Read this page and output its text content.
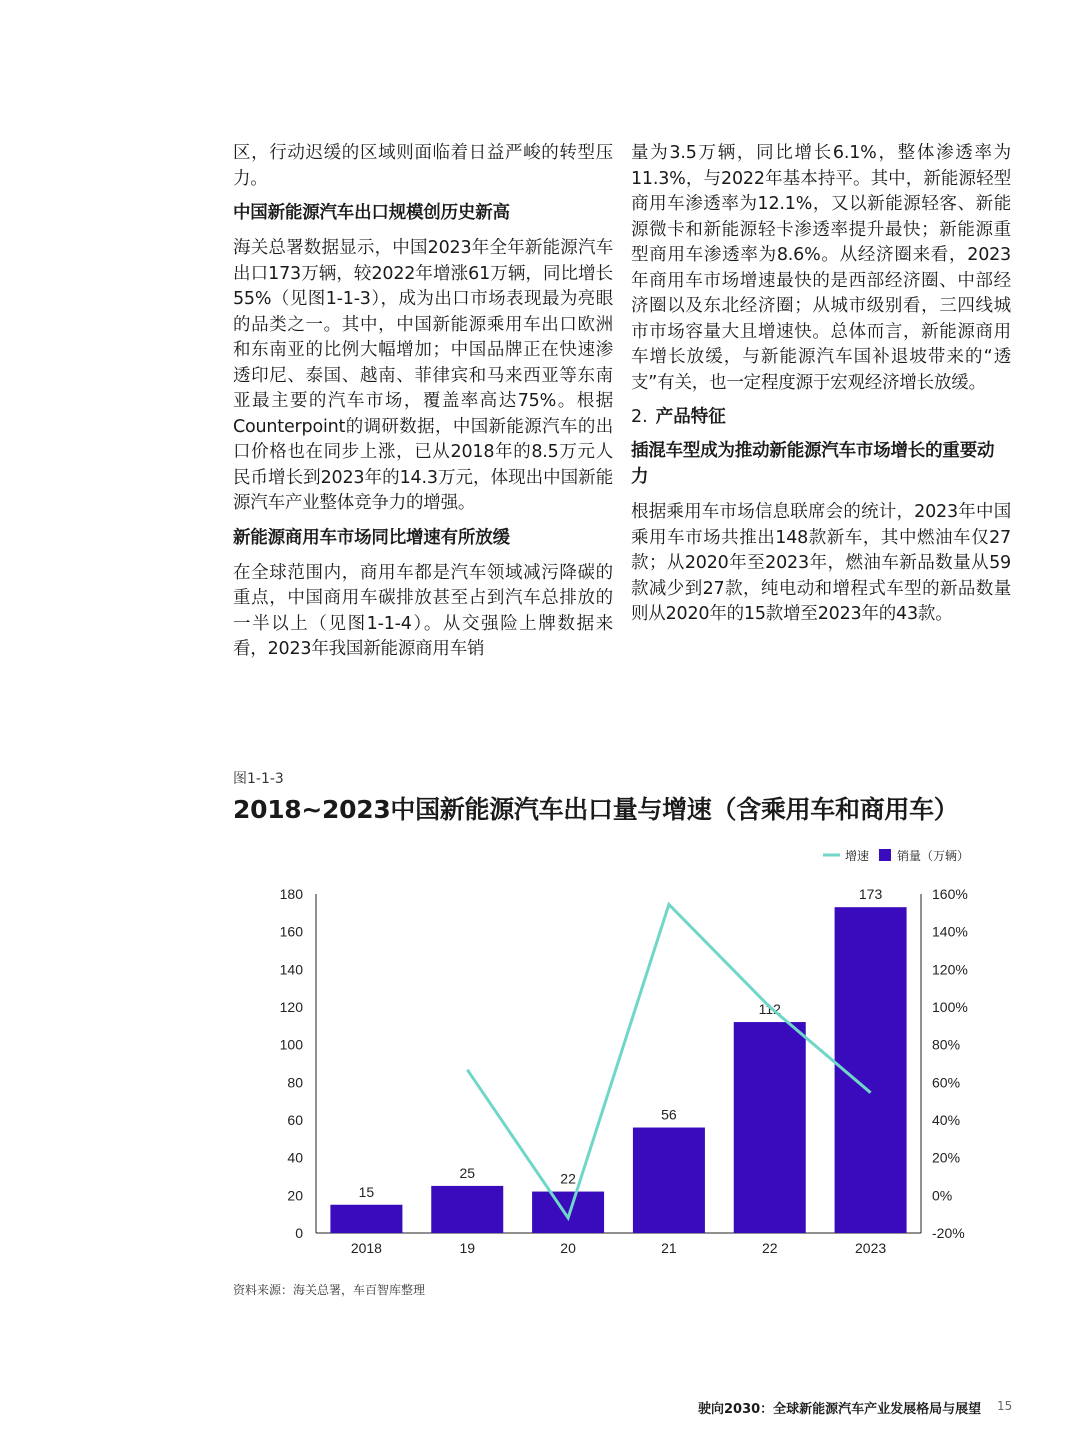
区，行动迟缓的区域则面临着日益严峻的转型压力。

中国新能源汽车出口规模创历史新高

海关总署数据显示，中国2023年全年新能源汽车出口173万辆，较2022年增涨61万辆，同比增长55%（见图1-1-3），成为出口市场表现最为亮眼的品类之一。其中，中国新能源乘用车出口欧洲和东南亚的比例大幅增加；中国品牌正在快速渗透印尼、泰国、越南、菲律宾和马来西亚等东南亚最主要的汽车市场，覆盖率高达75%。根据Counterpoint的调研数据，中国新能源汽车的出口价格也在同步上涨，已从2018年的8.5万元人民币增长到2023年的14.3万元，体现出中国新能源汽车产业整体竞争力的增强。

新能源商用车市场同比增速有所放缓

在全球范围内，商用车都是汽车领域减污降碳的重点，中国商用车碳排放甚至占到汽车总排放的一半以上（见图1-1-4）。从交强险上牌数据来看，2023年我国新能源商用车销

量为3.5万辆，同比增长6.1%，整体渗透率为11.3%，与2022年基本持平。其中，新能源轻型商用车渗透率为12.1%，又以新能源轻客、新能源微卡和新能源轻卡渗透率提升最快；新能源重型商用车渗透率为8.6%。从经济圈来看，2023年商用车市场增速最快的是西部经济圈、中部经济圈以及东北经济圈；从城市级别看，三四线城市市场容量大且增速快。总体而言，新能源商用车增长放缓，与新能源汽车国补退坡带来的“透支”有关，也一定程度源于宏观经济增长放缓。

2. 产品特征
插混车型成为推动新能源汽车市场增长的重要动力

根据乘用车市场信息联席会的统计，2023年中国乘用车市场共推出148款新车，其中燃油车仅27款；从2020年至2023年，燃油车新品数量从59款减少到27款，纯电动和增程式车型的新品数量则从2020年的15款增至2023年的43款。

图1-1-3
2018~2023中国新能源汽车出口量与增速（含乘用车和商用车）
0
20
40
60
80
100
120
140
160
180
-20%
0%
20%
40%
60%
80%
100%
120%
140%
160%
15
2018
25
19
22
20
56
21
112
22
173
2023
增速 销量（万辆）
资料来源：海关总署，车百智库整理
驶向2030：全球新能源汽车产业发展格局与展望 15
